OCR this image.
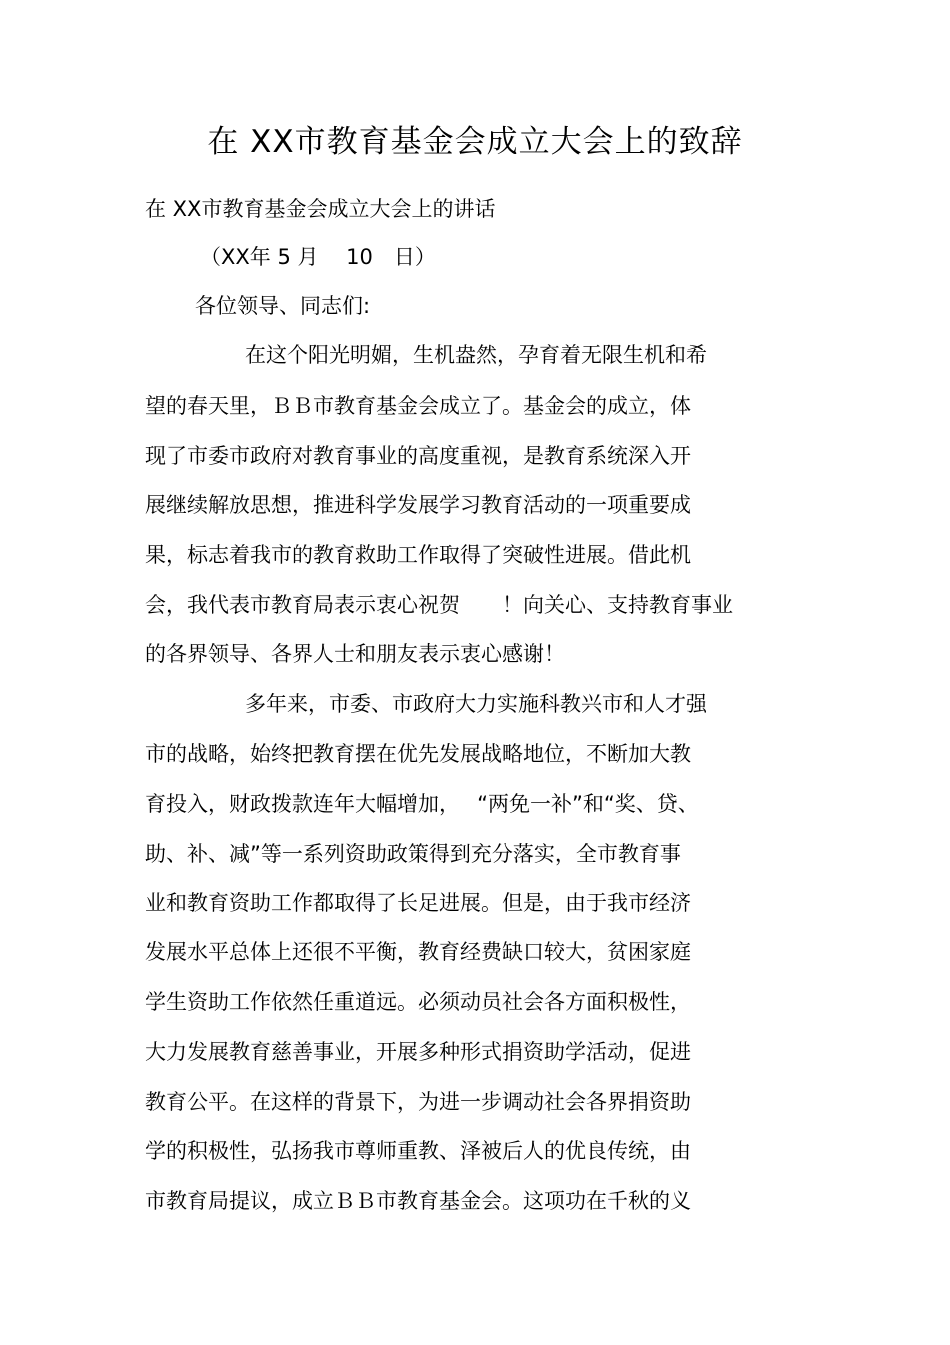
在 XX市教育基金会成立大会上的致辞
在 XX市教育基金会成立大会上的讲话
（XX年 5 月　 10　日）
各位领导、同志们:
在这个阳光明媚，生机盎然，孕育着无限生机和希
望的春天里，ＢＢ市教育基金会成立了。基金会的成立，体
现了市委市政府对教育事业的高度重视，是教育系统深入开
展继续解放思想，推进科学发展学习教育活动的一项重要成
果，标志着我市的教育救助工作取得了突破性进展。借此机
会，我代表市教育局表示衷心祝贺　　！向关心、支持教育事业
的各界领导、各界人士和朋友表示衷心感谢！
多年来，市委、市政府大力实施科教兴市和人才强
市的战略，始终把教育摆在优先发展战略地位，不断加大教
育投入，财政拨款连年大幅增加，　 “两免一补”和“奖、贷、
助、补、减”等一系列资助政策得到充分落实，全市教育事
业和教育资助工作都取得了长足进展。但是，由于我市经济
发展水平总体上还很不平衡，教育经费缺口较大，贫困家庭
学生资助工作依然任重道远。必须动员社会各方面积极性，
大力发展教育慈善事业，开展多种形式捐资助学活动，促进
教育公平。在这样的背景下，为进一步调动社会各界捐资助
学的积极性，弘扬我市尊师重教、泽被后人的优良传统，由
市教育局提议，成立ＢＢ市教育基金会。这项功在千秋的义
